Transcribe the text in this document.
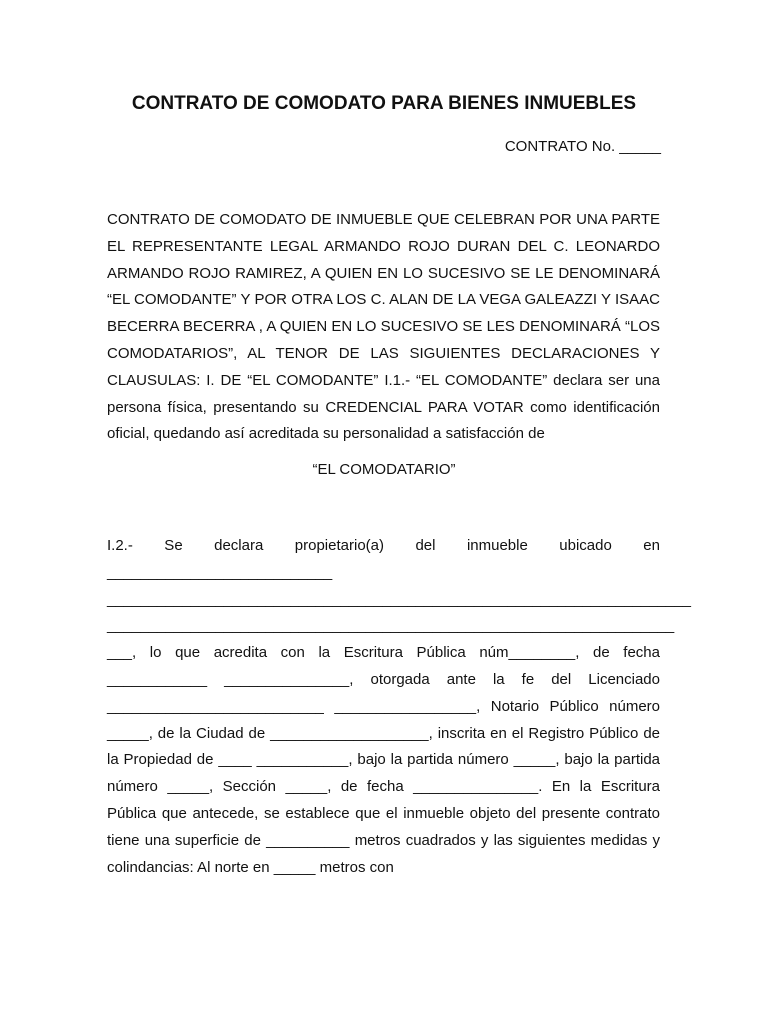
CONTRATO DE COMODATO PARA BIENES INMUEBLES
CONTRATO No. _____

CONTRATO DE COMODATO DE INMUEBLE QUE CELEBRAN POR UNA PARTE EL REPRESENTANTE LEGAL ARMANDO ROJO DURAN DEL C. LEONARDO ARMANDO ROJO RAMIREZ, A QUIEN EN LO SUCESIVO SE LE DENOMINARÁ “EL COMODANTE” Y POR OTRA LOS C. ALAN DE LA VEGA GALEAZZI Y ISAAC BECERRA BECERRA , A QUIEN EN LO SUCESIVO SE LES DENOMINARÁ “LOS COMODATARIOS”, AL TENOR DE LAS SIGUIENTES DECLARACIONES Y CLAUSULAS: I. DE “EL COMODANTE” I.1.- “EL COMODANTE” declara ser una persona física, presentando su CREDENCIAL PARA VOTAR como identificación oficial, quedando así acreditada su personalidad a satisfacción de

“EL COMODATARIO”

I.2.- Se declara propietario(a) del inmueble ubicado en ___________________________ ______________________________________________________________________ ____________________________________________________________________ ___, lo que acredita con la Escritura Pública núm________, de fecha ____________ _______________, otorgada ante la fe del Licenciado __________________________ _________________, Notario Público número _____, de la Ciudad de ___________________, inscrita en el Registro Público de la Propiedad de ____ ___________, bajo la partida número _____, bajo la partida número _____, Sección _____, de fecha _______________. En la Escritura Pública que antecede, se establece que el inmueble objeto del presente contrato tiene una superficie de __________ metros cuadrados y las siguientes medidas y colindancias: Al norte en _____ metros con
